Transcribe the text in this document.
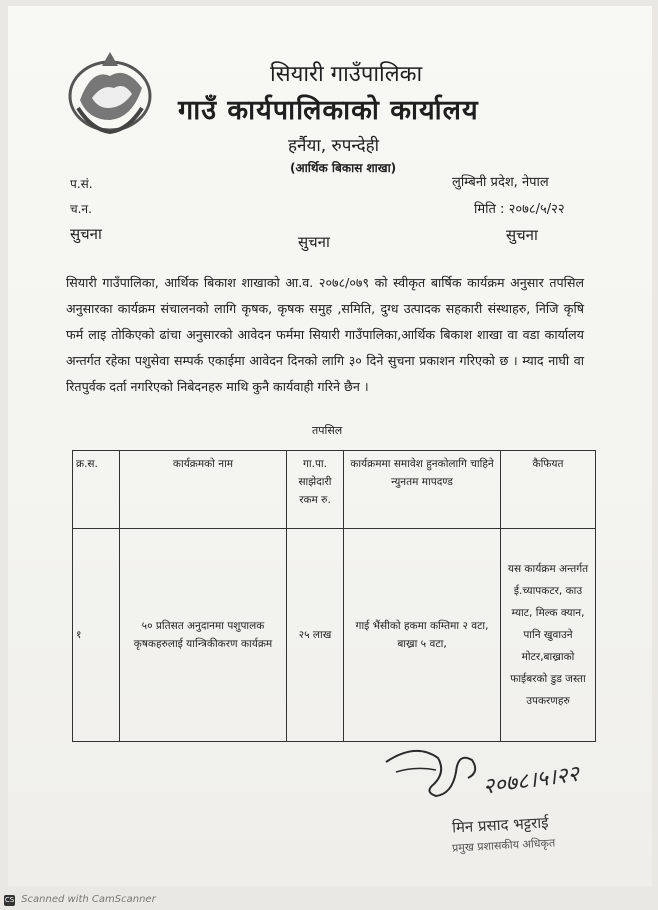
सियारी गाउँपालिका
गाउँ कार्यपालिकाको कार्यालय
हर्नैया, रुपन्देही
(आर्थिक बिकास शाखा)
प.सं.
च.न.
लुम्बिनी प्रदेश, नेपाल
मिति : २०७८/५/२२
सुचना	सुचना	सुचना
सियारी गाउँपालिका, आर्थिक बिकाश शाखाको आ.व. २०७८/०७९ को स्वीकृत बार्षिक कार्यक्रम अनुसार तपसिल अनुसारका कार्यक्रम संचालनको लागि कृषक, कृषक समुह ,समिति, दुग्ध उत्पादक सहकारी संस्थाहरु, निजि कृषि फर्म लाइ तोकिएको ढांचा अनुसारको आवेदन फर्ममा सियारी गाउँपालिका,आर्थिक बिकाश शाखा वा वडा कार्यालय अन्तर्गत रहेका पशुसेवा सम्पर्क एकाईमा आवेदन दिनको लागि ३० दिने सुचना प्रकाशन गरिएको छ । म्याद नाघी वा रितपुर्वक दर्ता नगरिएको निबेदनहरु माथि कुनै कार्यवाही गरिने छैन ।
तपसिल
क्र.स.	कार्यक्रमको नाम	गा.पा. साझेदारी रकम रु.	कार्यक्रममा समावेश हुनकोलागि चाहिने न्युनतम मापदण्ड	कैफियत
१	५० प्रतिसत अनुदानमा पशुपालक कृषकहरुलाई यान्त्रिकीकरण कार्यक्रम	२५ लाख	गाई भैंसीको हकमा कम्तिमा २ वटा, बाख्रा ५ वटा,	यस कार्यक्रम अन्तर्गत ई.च्यापकटर, काउ म्याट, मिल्क क्यान, पानि खुवाउने मोटर,बाख्राको फाईबरको डुड जस्ता उपकरणहरु
२०७८।५।२२
मिन प्रसाद भट्टराई
प्रमुख प्रशासकीय अधिकृत
CS Scanned with CamScanner
